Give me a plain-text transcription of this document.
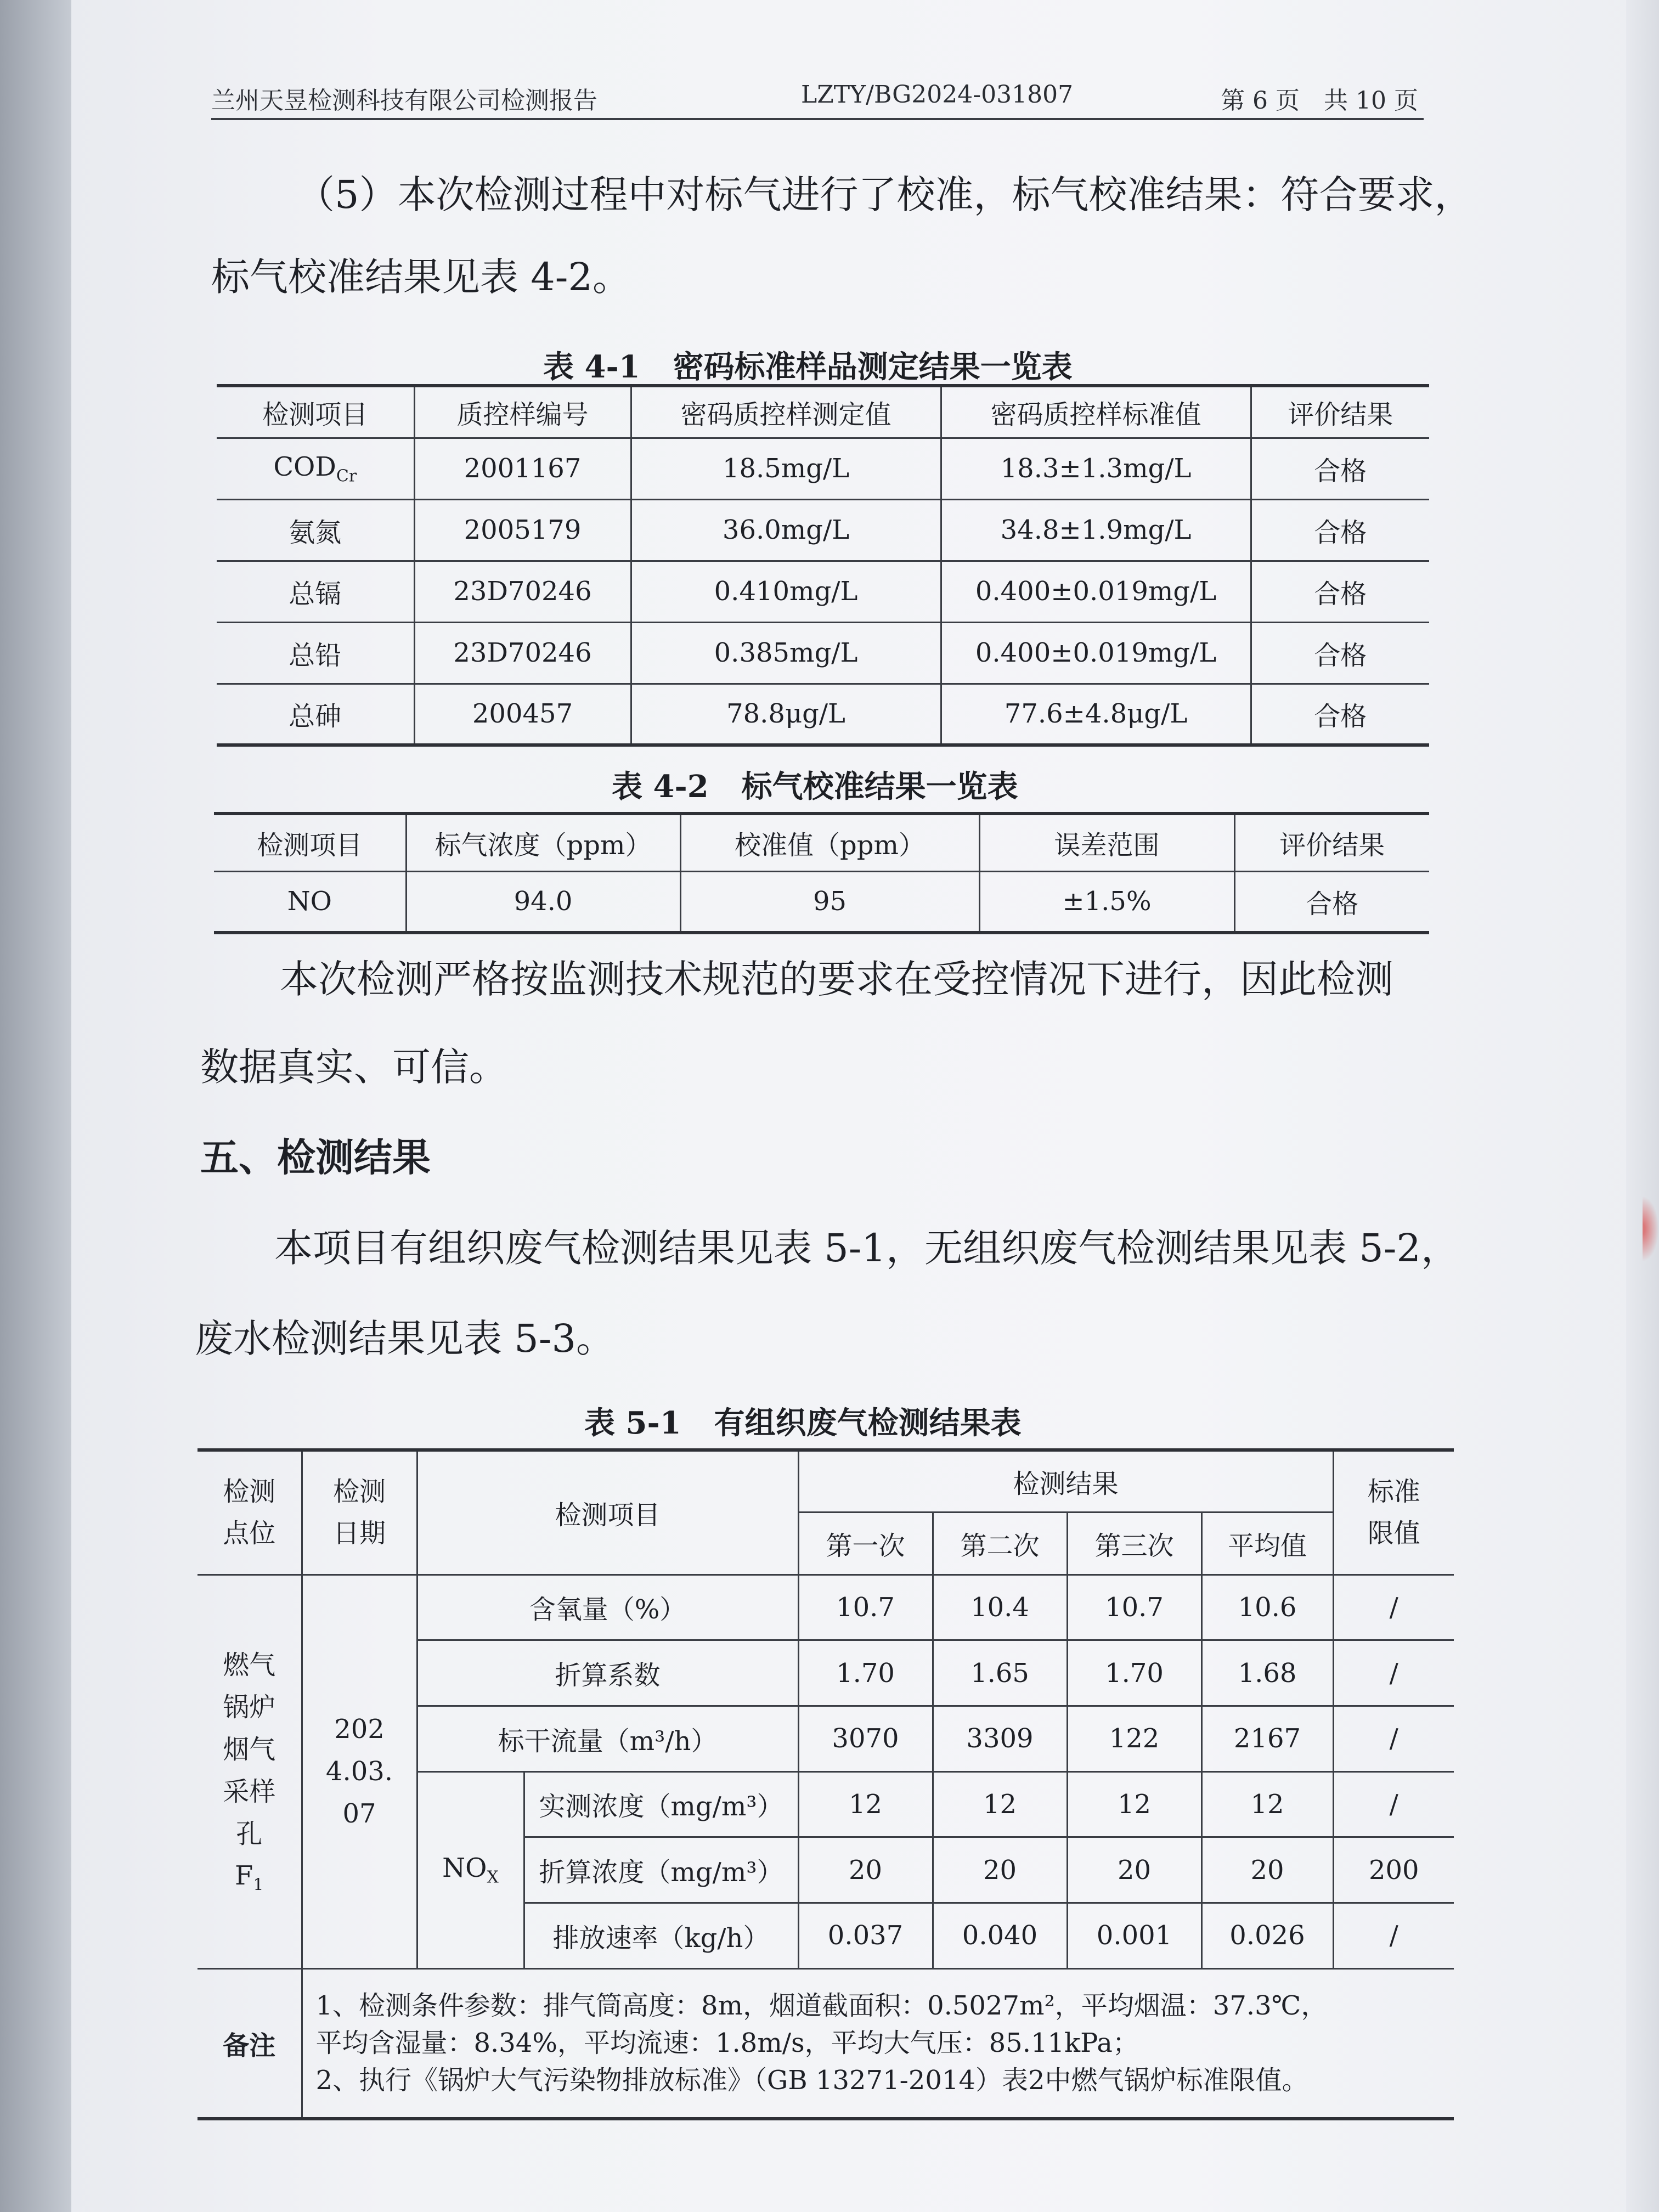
兰州天昱检测科技有限公司检测报告	LZTY/BG2024-031807	第 6 页　共 10 页
（5）本次检测过程中对标气进行了校准，标气校准结果：符合要求，
标气校准结果见表 4-2。
表 4-1 密码标准样品测定结果一览表
检测项目	质控样编号	密码质控样测定值	密码质控样标准值	评价结果
$COD_{Cr}$	2001167	18.5mg/L	18.3±1.3mg/L	合格
氨氮	2005179	36.0mg/L	34.8±1.9mg/L	合格
总镉	23D70246	0.410mg/L	0.400±0.019mg/L	合格
总铅	23D70246	0.385mg/L	0.400±0.019mg/L	合格
总砷	200457	78.8μg/L	77.6±4.8μg/L	合格
表 4-2 标气校准结果一览表
检测项目	标气浓度（ppm）	校准值（ppm）	误差范围	评价结果
NO	94.0	95	±1.5%	合格
本次检测严格按监测技术规范的要求在受控情况下进行，因此检测
数据真实、可信。
五、检测结果
本项目有组织废气检测结果见表 5-1，无组织废气检测结果见表 5-2，
废水检测结果见表 5-3。
表 5-1 有组织废气检测结果表
检测点位	检测日期	检测项目		检测结果				标准限值
				第一次	第二次	第三次	平均值	
燃气锅炉烟气采样孔 $F_1$	2024.03.07	含氧量（%）		10.7	10.4	10.7	10.6	/
		折算系数		1.70	1.65	1.70	1.68	/
		标干流量（m³/h）		3070	3309	122	2167	/
		$NO_X$	实测浓度（mg/m³）	12	12	12	12	/
			折算浓度（mg/m³）	20	20	20	20	200
			排放速率（kg/h）	0.037	0.040	0.001	0.026	/
备注	1、检测条件参数：排气筒高度：8m，烟道截面积：0.5027m²，平均烟温：37.3℃，
平均含湿量：8.34%，平均流速：1.8m/s，平均大气压：85.11kPa；
2、执行《锅炉大气污染物排放标准》（GB 13271-2014）表2中燃气锅炉标准限值。							
